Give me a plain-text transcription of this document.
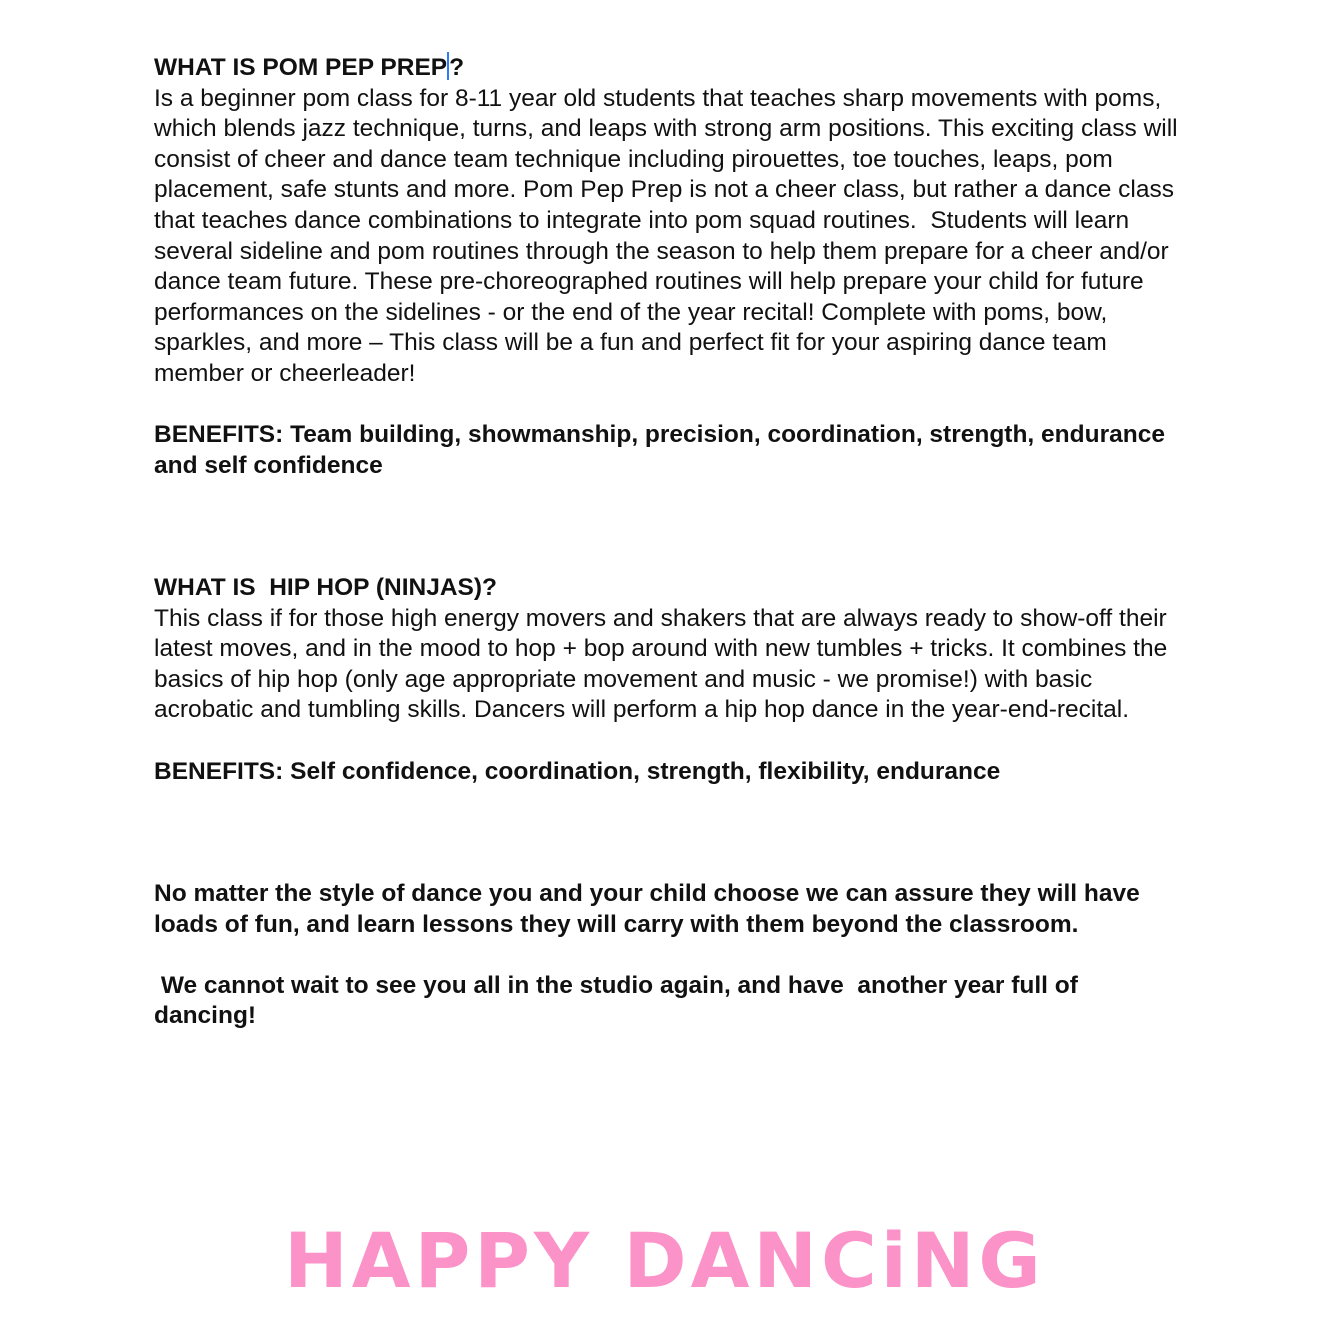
WHAT IS POM PEP PREP?

Is a beginner pom class for 8-11 year old students that teaches sharp movements with poms, which blends jazz technique, turns, and leaps with strong arm positions. This exciting class will consist of cheer and dance team technique including pirouettes, toe touches, leaps, pom placement, safe stunts and more. Pom Pep Prep is not a cheer class, but rather a dance class that teaches dance combinations to integrate into pom squad routines.  Students will learn several sideline and pom routines through the season to help them prepare for a cheer and/or dance team future. These pre-choreographed routines will help prepare your child for future performances on the sidelines - or the end of the year recital! Complete with poms, bow, sparkles, and more – This class will be a fun and perfect fit for your aspiring dance team member or cheerleader!

BENEFITS: Team building, showmanship, precision, coordination, strength, endurance and self confidence

WHAT IS  HIP HOP (NINJAS)?

This class if for those high energy movers and shakers that are always ready to show-off their latest moves, and in the mood to hop + bop around with new tumbles + tricks. It combines the basics of hip hop (only age appropriate movement and music - we promise!) with basic acrobatic and tumbling skills. Dancers will perform a hip hop dance in the year-end-recital.

BENEFITS: Self confidence, coordination, strength, flexibility, endurance

No matter the style of dance you and your child choose we can assure they will have loads of fun, and learn lessons they will carry with them beyond the classroom.

We cannot wait to see you all in the studio again, and have  another year full of dancing!

HAPPY DANCiNG
